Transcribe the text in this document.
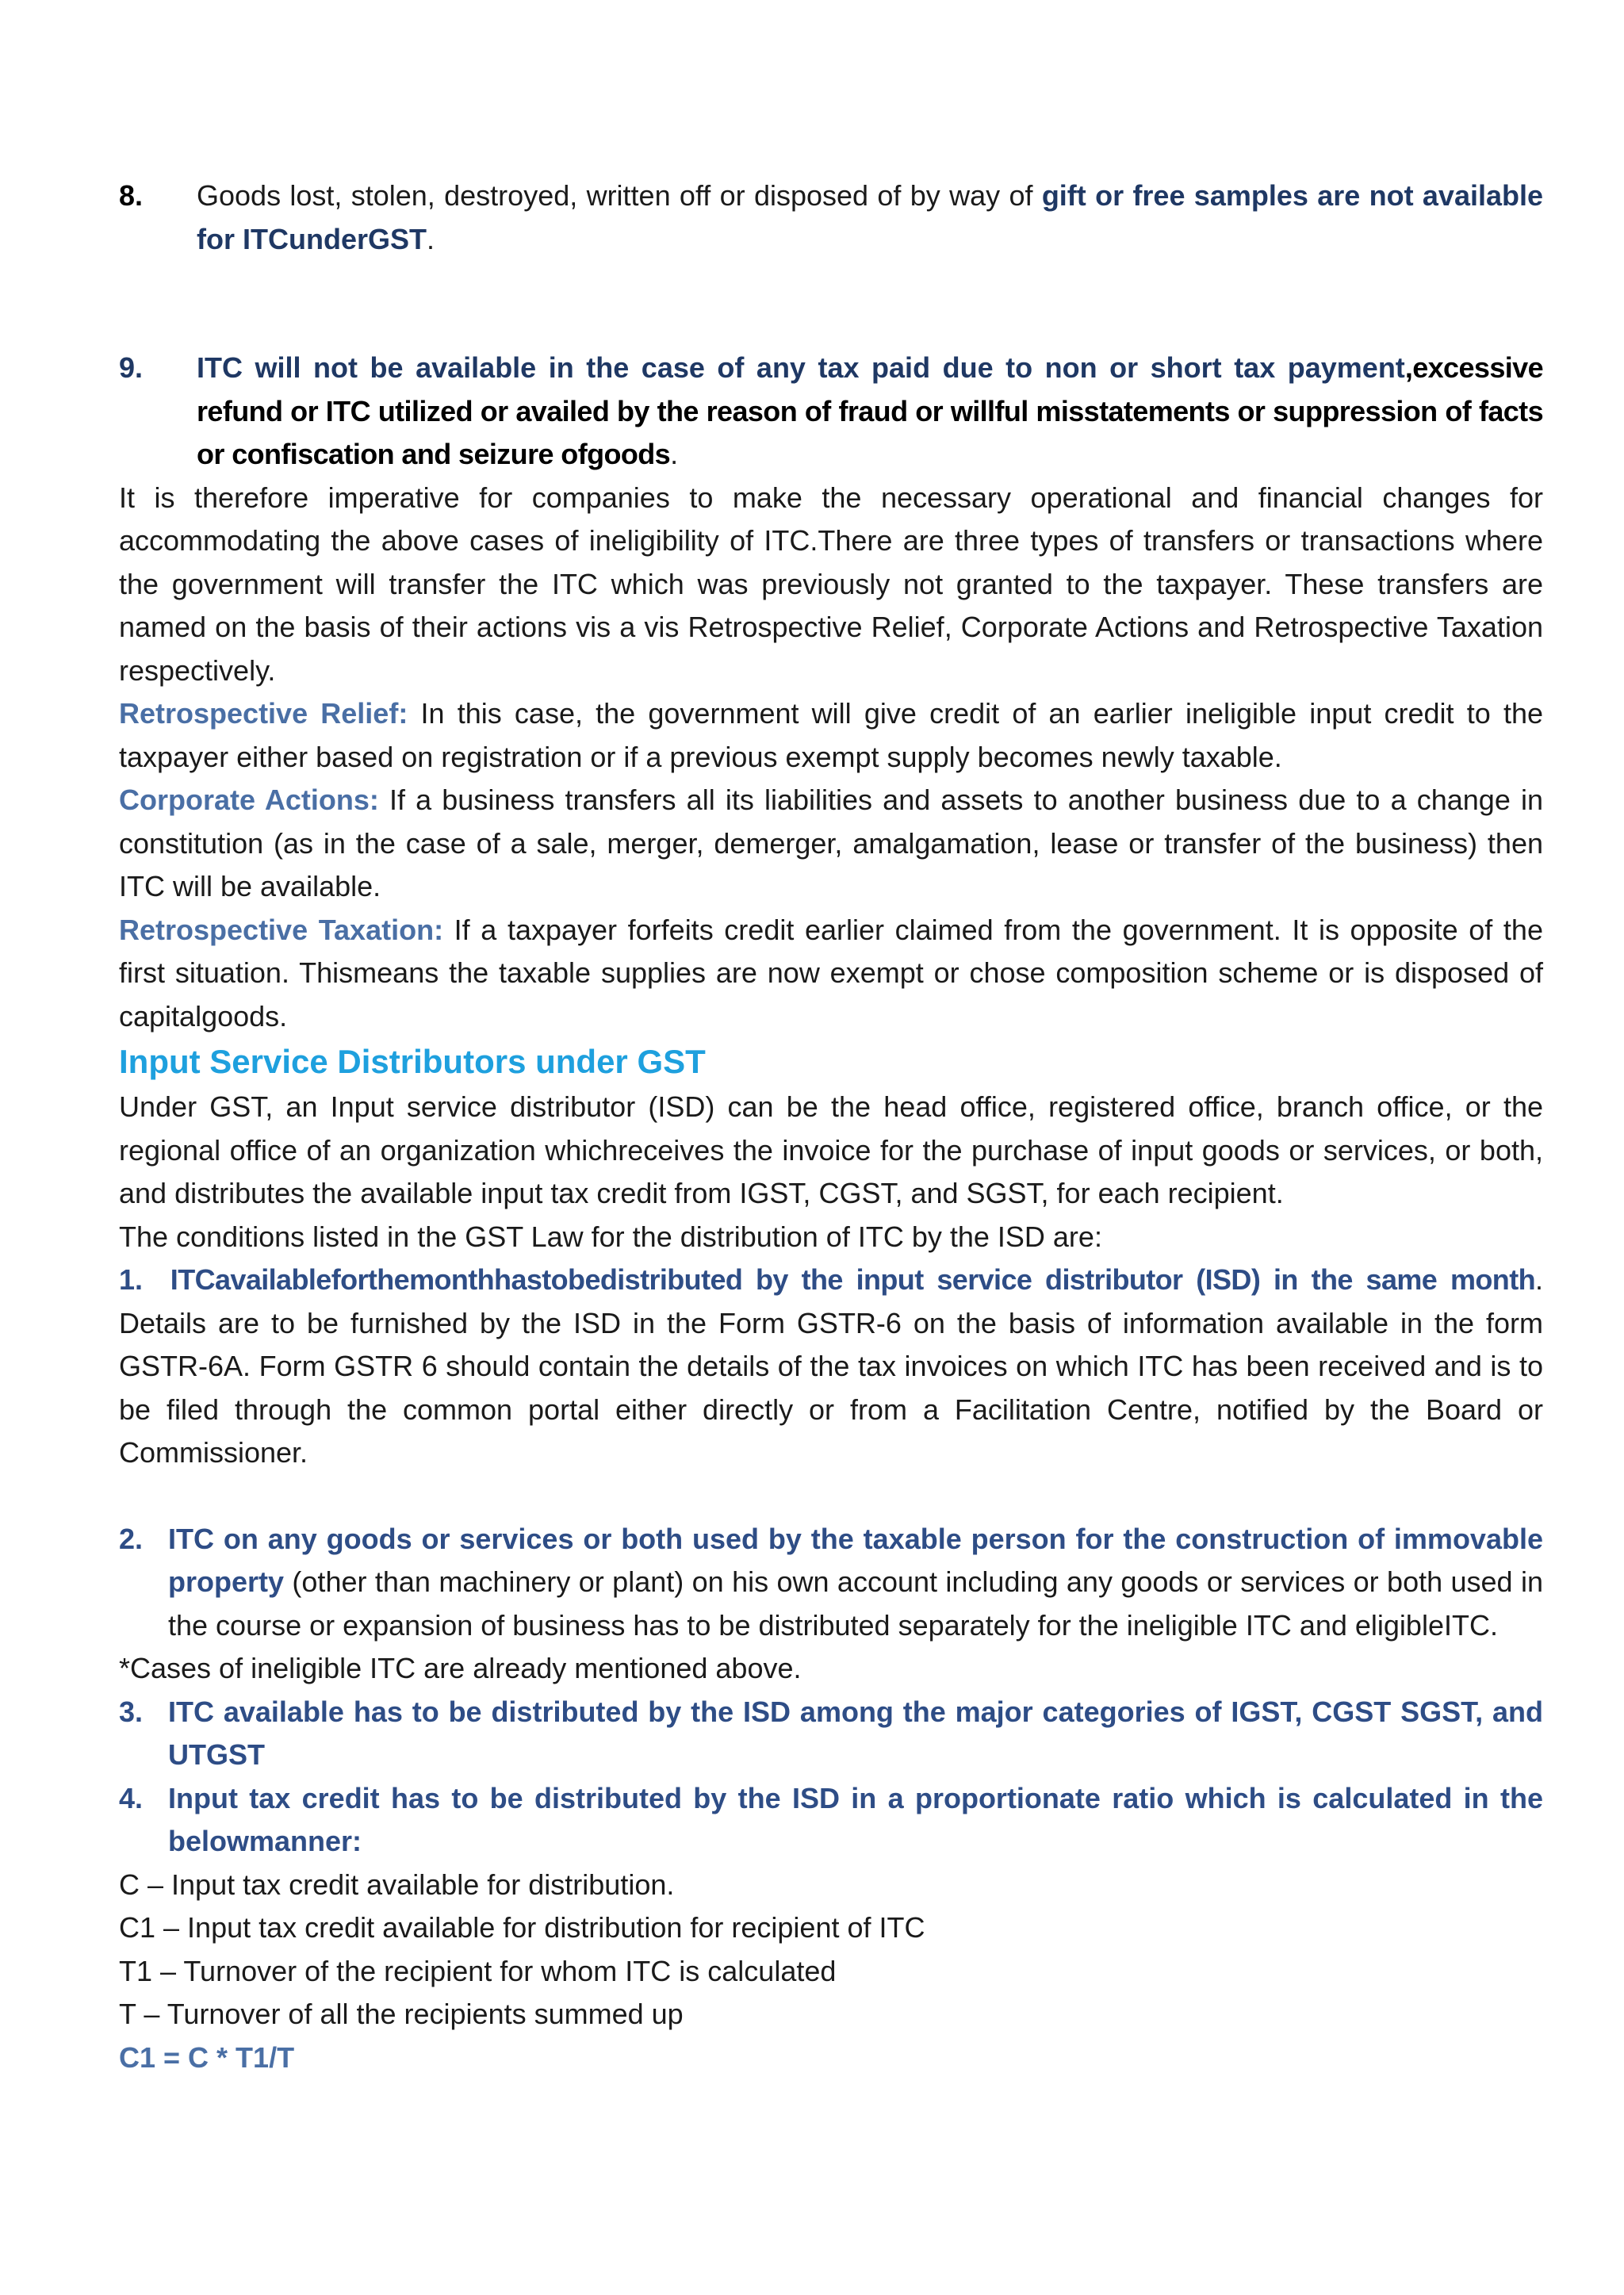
8.	Goods lost, stolen, destroyed, written off or disposed of by way of gift or free samples are not available for ITCunderGST.
9.	ITC will not be available in the case of any tax paid due to non or short tax payment,excessive refund or ITC utilized or availed by the reason of fraud or willful misstatements or suppression of facts or confiscation and seizure ofgoods.

It is therefore imperative for companies to make the necessary operational and financial changes for accommodating the above cases of ineligibility of ITC.There are three types of transfers or transactions where the government will transfer the ITC which was previously not granted to the taxpayer. These transfers are named on the basis of their actions vis a vis Retrospective Relief, Corporate Actions and Retrospective Taxation respectively.

Retrospective Relief: In this case, the government will give credit of an earlier ineligible input credit to the taxpayer either based on registration or if a previous exempt supply becomes newly taxable.

Corporate Actions: If a business transfers all its liabilities and assets to another business due to a change in constitution (as in the case of a sale, merger, demerger, amalgamation, lease or transfer of the business) then ITC will be available.

Retrospective Taxation: If a taxpayer forfeits credit earlier claimed from the government. It is opposite of the first situation. Thismeans the taxable supplies are now exempt or chose composition scheme or is disposed of capitalgoods.

Input Service Distributors under GST

Under GST, an Input service distributor (ISD) can be the head office, registered office, branch office, or the regional office of an organization whichreceives the invoice for the purchase of input goods or services, or both, and distributes the available input tax credit from IGST, CGST, and SGST, for each recipient.

The conditions listed in the GST Law for the distribution of ITC by the ISD are:

1. ITCavailableforthemonthhastobedistributed by the input service distributor (ISD) in the same month. Details are to be furnished by the ISD in the Form GSTR-6 on the basis of information available in the form GSTR-6A. Form GSTR 6 should contain the details of the tax invoices on which ITC has been received and is to be filed through the common portal either directly or from a Facilitation Centre, notified by the Board or Commissioner.
2. ITC on any goods or services or both used by the taxable person for the construction of immovable property (other than machinery or plant) on his own account including any goods or services or both used in the course or expansion of business has to be distributed separately for the ineligible ITC and eligibleITC.

*Cases of ineligible ITC are already mentioned above.

3. ITC available has to be distributed by the ISD among the major categories of IGST, CGST SGST, and UTGST
4. Input tax credit has to be distributed by the ISD in a proportionate ratio which is calculated in the belowmanner:

C – Input tax credit available for distribution.

C1 – Input tax credit available for distribution for recipient of ITC

T1 – Turnover of the recipient for whom ITC is calculated

T – Turnover of all the recipients summed up

C1 = C * T1/T
